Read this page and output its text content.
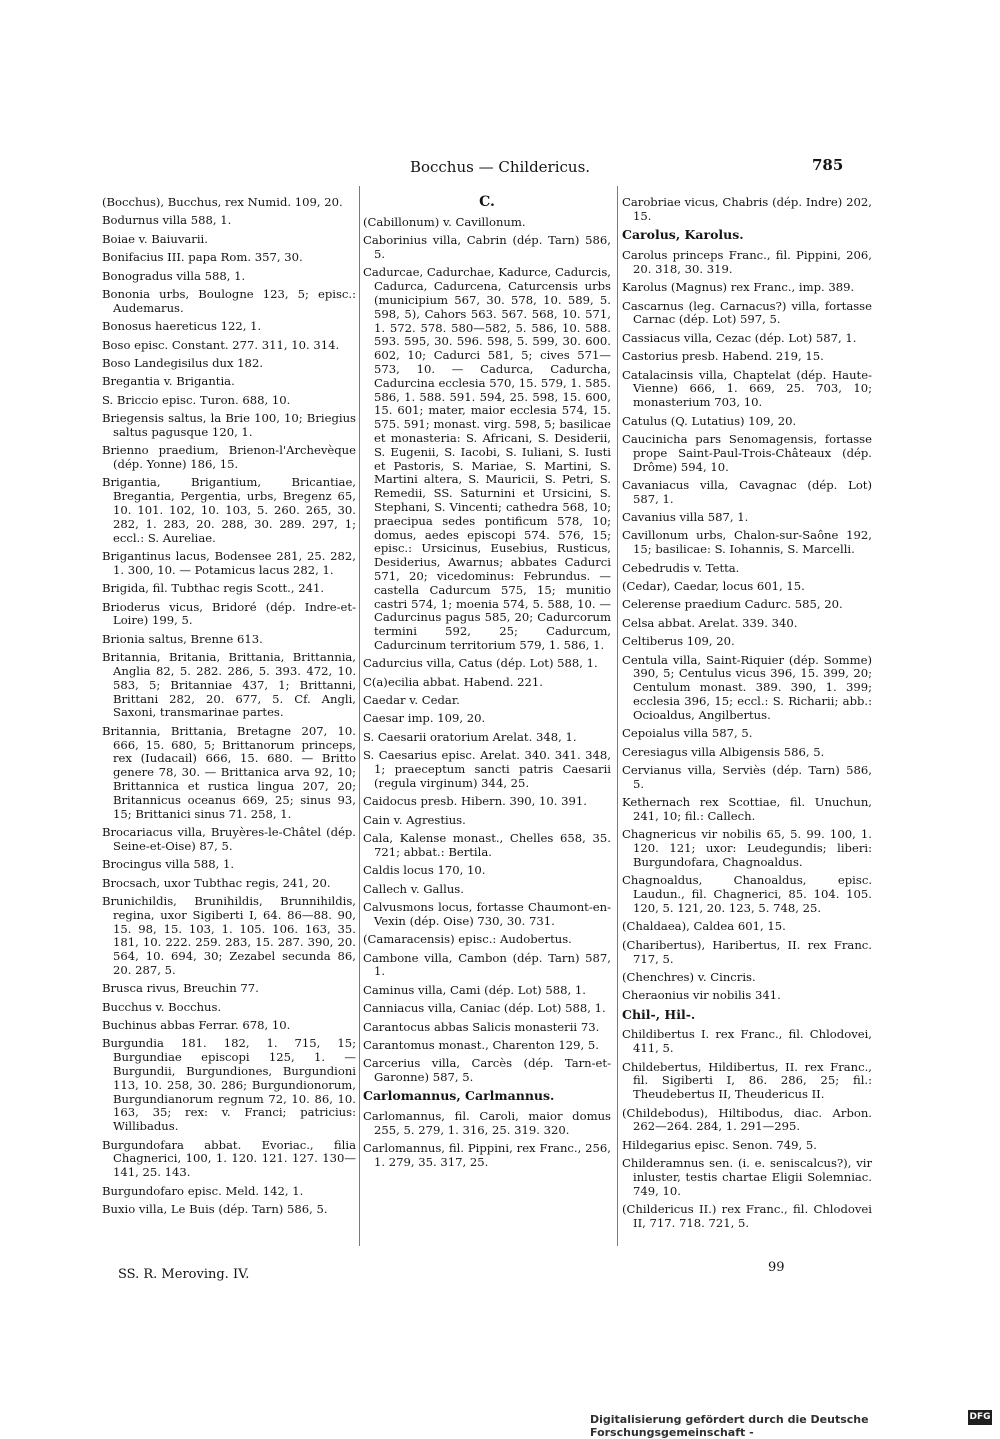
Bocchus — Childericus.	785
(Bocchus), Bucchus, rex Numid. 109, 20.
Bodurnus villa 588, 1.
Boiae v. Baiuvarii.
Bonifacius III. papa Rom. 357, 30.
Bonogradus villa 588, 1.
Bononia urbs, Boulogne 123, 5; episc.: Audemarus.
Bonosus haereticus 122, 1.
Boso episc. Constant. 277. 311, 10. 314.
Boso Landegisilus dux 182.
Bregantia v. Brigantia.
S. Briccio episc. Turon. 688, 10.
Briegensis saltus, la Brie 100, 10; Briegius saltus pagusque 120, 1.
Brienno praedium, Brienon-l'Archevèque (dép. Yonne) 186, 15.
Brigantia, Brigantium, Bricantiae, Bregantia, Pergentia, urbs, Bregenz 65, 10. 101. 102, 10. 103, 5. 260. 265, 30. 282, 1. 283, 20. 288, 30. 289. 297, 1; eccl.: S. Aureliae.
Brigantinus lacus, Bodensee 281, 25. 282, 1. 300, 10. — Potamicus lacus 282, 1.
Brigida, fil. Tubthac regis Scott., 241.
Brioderus vicus, Bridoré (dép. Indre-et-Loire) 199, 5.
Brionia saltus, Brenne 613.
Britannia, Britania, Brittania, Brittannia, Anglia 82, 5. 282. 286, 5. 393. 472, 10. 583, 5; Britanniae 437, 1; Brittanni, Brittani 282, 20. 677, 5. Cf. Angli, Saxoni, transmarinae partes.
Britannia, Brittania, Bretagne 207, 10. 666, 15. 680, 5; Brittanorum princeps, rex (Iudacail) 666, 15. 680. — Britto genere 78, 30. — Brittanica arva 92, 10; Brittannica et rustica lingua 207, 20; Britannicus oceanus 669, 25; sinus 93, 15; Brittanici sinus 71. 258, 1.
Brocariacus villa, Bruyères-le-Châtel (dép. Seine-et-Oise) 87, 5.
Brocingus villa 588, 1.
Brocsach, uxor Tubthac regis, 241, 20.
Brunichildis, Brunihildis, Brunnihildis, regina, uxor Sigiberti I, 64. 86—88. 90, 15. 98, 15. 103, 1. 105. 106. 163, 35. 181, 10. 222. 259. 283, 15. 287. 390, 20. 564, 10. 694, 30; Zezabel secunda 86, 20. 287, 5.
Brusca rivus, Breuchin 77.
Bucchus v. Bocchus.
Buchinus abbas Ferrar. 678, 10.
Burgundia 181. 182, 1. 715, 15; Burgundiae episcopi 125, 1. — Burgundii, Burgundiones, Burgundioni 113, 10. 258, 30. 286; Burgundionorum, Burgundianorum regnum 72, 10. 86, 10. 163, 35; rex: v. Franci; patricius: Willibadus.
Burgundofara abbat. Evoriac., filia Chagnerici, 100, 1. 120. 121. 127. 130—141, 25. 143.
Burgundofaro episc. Meld. 142, 1.
Buxio villa, Le Buis (dép. Tarn) 586, 5.
C.
(Cabillonum) v. Cavillonum.
Caborinius villa, Cabrin (dép. Tarn) 586, 5.
Cadurcae, Cadurchae, Kadurce, Cadurcis, Cadurca, Cadurcena, Caturcensis urbs (municipium 567, 30. 578, 10. 589, 5. 598, 5), Cahors 563. 567. 568, 10. 571, 1. 572. 578. 580—582, 5. 586, 10. 588. 593. 595, 30. 596. 598, 5. 599, 30. 600. 602, 10; Cadurci 581, 5; cives 571—573, 10. — Cadurca, Cadurcha, Cadurcina ecclesia 570, 15. 579, 1. 585. 586, 1. 588. 591. 594, 25. 598, 15. 600, 15. 601; mater, maior ecclesia 574, 15. 575. 591; monast. virg. 598, 5; basilicae et monasteria: S. Africani, S. Desiderii, S. Eugenii, S. Iacobi, S. Iuliani, S. Iusti et Pastoris, S. Mariae, S. Martini, S. Martini altera, S. Mauricii, S. Petri, S. Remedii, SS. Saturnini et Ursicini, S. Stephani, S. Vincenti; cathedra 568, 10; praecipua sedes pontificum 578, 10; domus, aedes episcopi 574. 576, 15; episc.: Ursicinus, Eusebius, Rusticus, Desiderius, Awarnus; abbates Cadurci 571, 20; vicedominus: Februndus. — castella Cadurcum 575, 15; munitio castri 574, 1; moenia 574, 5. 588, 10. — Cadurcinus pagus 585, 20; Cadurcorum termini 592, 25; Cadurcum, Cadurcinum territorium 579, 1. 586, 1.
Cadurcius villa, Catus (dép. Lot) 588, 1.
C(a)ecilia abbat. Habend. 221.
Caedar v. Cedar.
Caesar imp. 109, 20.
S. Caesarii oratorium Arelat. 348, 1.
S. Caesarius episc. Arelat. 340. 341. 348, 1; praeceptum sancti patris Caesarii (regula virginum) 344, 25.
Caidocus presb. Hibern. 390, 10. 391.
Cain v. Agrestius.
Cala, Kalense monast., Chelles 658, 35. 721; abbat.: Bertila.
Caldis locus 170, 10.
Callech v. Gallus.
Calvusmons locus, fortasse Chaumont-en-Vexin (dép. Oise) 730, 30. 731.
(Camaracensis) episc.: Audobertus.
Cambone villa, Cambon (dép. Tarn) 587, 1.
Caminus villa, Cami (dép. Lot) 588, 1.
Canniacus villa, Caniac (dép. Lot) 588, 1.
Carantocus abbas Salicis monasterii 73.
Carantomus monast., Charenton 129, 5.
Carcerius villa, Carcès (dép. Tarn-et-Garonne) 587, 5.
Carlomannus, Carlmannus.
Carlomannus, fil. Caroli, maior domus 255, 5. 279, 1. 316, 25. 319. 320.
Carlomannus, fil. Pippini, rex Franc., 256, 1. 279, 35. 317, 25.
Carobriae vicus, Chabris (dép. Indre) 202, 15.
Carolus, Karolus.
Carolus princeps Franc., fil. Pippini, 206, 20. 318, 30. 319.
Karolus (Magnus) rex Franc., imp. 389.
Cascarnus (leg. Carnacus?) villa, fortasse Carnac (dép. Lot) 597, 5.
Cassiacus villa, Cezac (dép. Lot) 587, 1.
Castorius presb. Habend. 219, 15.
Catalacinsis villa, Chaptelat (dép. Haute-Vienne) 666, 1. 669, 25. 703, 10; monasterium 703, 10.
Catulus (Q. Lutatius) 109, 20.
Caucinicha pars Senomagensis, fortasse prope Saint-Paul-Trois-Châteaux (dép. Drôme) 594, 10.
Cavaniacus villa, Cavagnac (dép. Lot) 587, 1.
Cavanius villa 587, 1.
Cavillonum urbs, Chalon-sur-Saône 192, 15; basilicae: S. Iohannis, S. Marcelli.
Cebedrudis v. Tetta.
(Cedar), Caedar, locus 601, 15.
Celerense praedium Cadurc. 585, 20.
Celsa abbat. Arelat. 339. 340.
Celtiberus 109, 20.
Centula villa, Saint-Riquier (dép. Somme) 390, 5; Centulus vicus 396, 15. 399, 20; Centulum monast. 389. 390, 1. 399; ecclesia 396, 15; eccl.: S. Richarii; abb.: Ocioaldus, Angilbertus.
Cepoialus villa 587, 5.
Ceresiagus villa Albigensis 586, 5.
Cervianus villa, Serviès (dép. Tarn) 586, 5.
Kethernach rex Scottiae, fil. Unuchun, 241, 10; fil.: Callech.
Chagnericus vir nobilis 65, 5. 99. 100, 1. 120. 121; uxor: Leudegundis; liberi: Burgundofara, Chagnoaldus.
Chagnoaldus, Chanoaldus, episc. Laudun., fil. Chagnerici, 85. 104. 105. 120, 5. 121, 20. 123, 5. 748, 25.
(Chaldaea), Caldea 601, 15.
(Charibertus), Haribertus, II. rex Franc. 717, 5.
(Chenchres) v. Cincris.
Cheraonius vir nobilis 341.
Chil-, Hil-.
Childibertus I. rex Franc., fil. Chlodovei, 411, 5.
Childebertus, Hildibertus, II. rex Franc., fil. Sigiberti I, 86. 286, 25; fil.: Theudebertus II, Theudericus II.
(Childebodus), Hiltibodus, diac. Arbon. 262—264. 284, 1. 291—295.
Hildegarius episc. Senon. 749, 5.
Childeramnus sen. (i. e. seniscalcus?), vir inluster, testis chartae Eligii Solemniac. 749, 10.
(Childericus II.) rex Franc., fil. Chlodovei II, 717. 718. 721, 5.
SS. R. Meroving. IV.	99
Digitalisierung gefördert durch die Deutsche Forschungsgemeinschaft -
DFG
